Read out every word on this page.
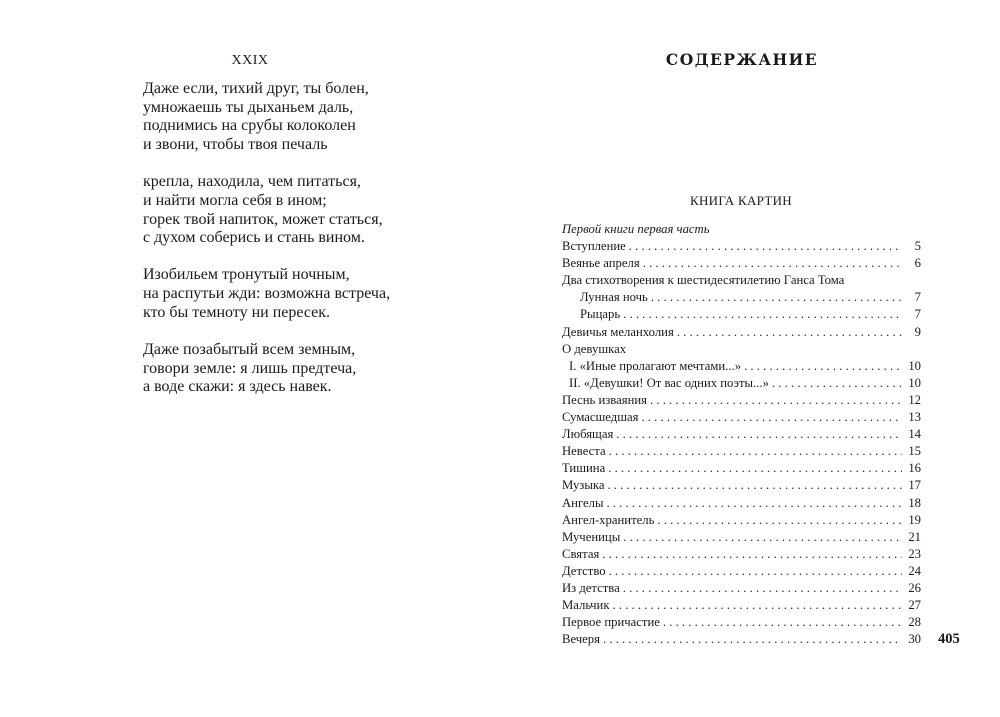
XXIX
Даже если, тихий друг, ты болен,
умножаешь ты дыханьем даль,
поднимись на срубы колоколен
и звони, чтобы твоя печаль
крепла, находила, чем питаться,
и найти могла себя в ином;
горек твой напиток, может статься,
с духом соберись и стань вином.
Изобильем тронутый ночным,
на распутьи жди: возможна встреча,
кто бы темноту ни пересек.
Даже позабытый всем земным,
говори земле: я лишь предтеча,
а воде скажи: я здесь навек.
СОДЕРЖАНИЕ
КНИГА КАРТИН
Первой книги первая часть
Вступление . . .	5
Веянье апреля . . .	6
Два стихотворения к шестидесятилетию Ганса Тома
Лунная ночь . . .	7
Рыцарь . . .	7
Девичья меланхолия . . .	9
О девушках
I. «Иные пролагают мечтами...» . . .	10
II. «Девушки! От вас одних поэты...» . . .	10
Песнь изваяния . . .	12
Сумасшедшая . . .	13
Любящая . . .	14
Невеста . . .	15
Тишина . . .	16
Музыка . . .	17
Ангелы . . .	18
Ангел-хранитель . . .	19
Мученицы . . .	21
Святая . . .	23
Детство . . .	24
Из детства . . .	26
Мальчик . . .	27
Первое причастие . . .	28
Вечеря . . .	30 405
